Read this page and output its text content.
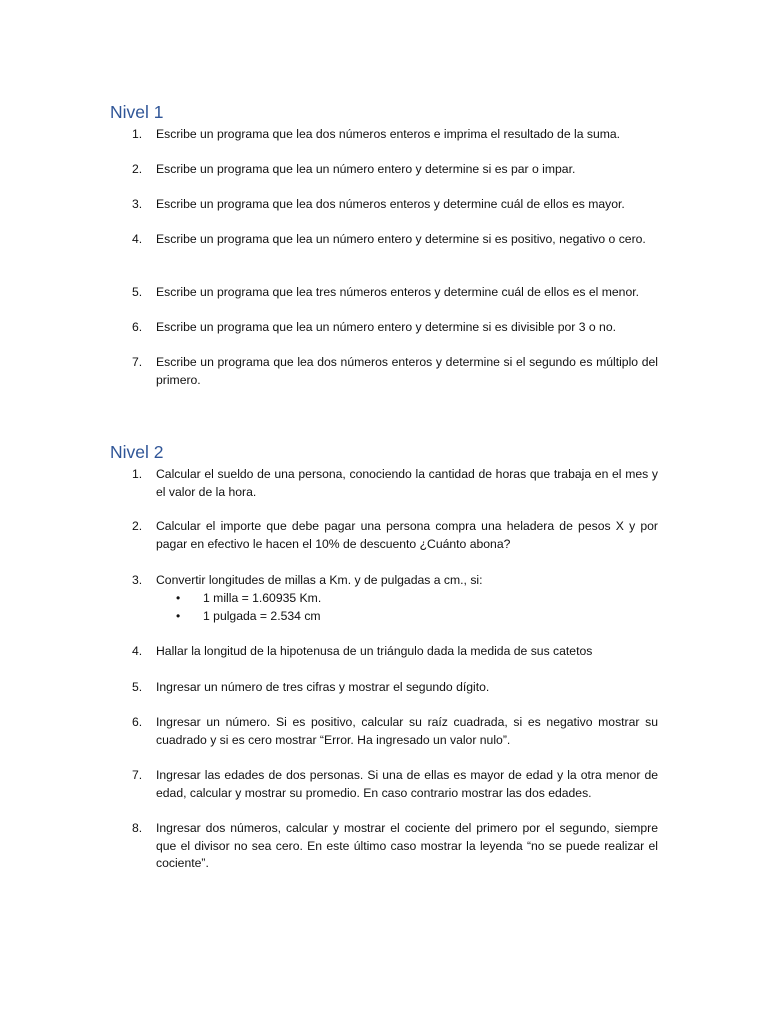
Nivel 1
1.	Escribe un programa que lea dos números enteros e imprima el resultado de la suma.
2.	Escribe un programa que lea un número entero y determine si es par o impar.
3.	Escribe un programa que lea dos números enteros y determine cuál de ellos es mayor.
4.	Escribe un programa que lea un número entero y determine si es positivo, negativo o cero.
5.	Escribe un programa que lea tres números enteros y determine cuál de ellos es el menor.
6.	Escribe un programa que lea un número entero y determine si es divisible por 3 o no.
7.	Escribe un programa que lea dos números enteros y determine si el segundo es múltiplo del primero.
Nivel 2
1.	Calcular el sueldo de una persona, conociendo la cantidad de horas que trabaja en el mes y el valor de la hora.
2.	Calcular el importe que debe pagar una persona compra una heladera de pesos X y por pagar en efectivo le hacen el 10% de descuento ¿Cuánto abona?
3.	Convertir longitudes de millas a Km. y de pulgadas a cm., si:
• 1 milla = 1.60935 Km.
• 1 pulgada = 2.534 cm
4.	Hallar la longitud de la hipotenusa de un triángulo dada la medida de sus catetos
5.	Ingresar un número de tres cifras y mostrar el segundo dígito.
6.	Ingresar un número. Si es positivo, calcular su raíz cuadrada, si es negativo mostrar su cuadrado y si es cero mostrar “Error. Ha ingresado un valor nulo”.
7.	Ingresar las edades de dos personas. Si una de ellas es mayor de edad y la otra menor de edad, calcular y mostrar su promedio. En caso contrario mostrar las dos edades.
8.	Ingresar dos números, calcular y mostrar el cociente del primero por el segundo, siempre que el divisor no sea cero. En este último caso mostrar la leyenda “no se puede realizar el cociente”.
